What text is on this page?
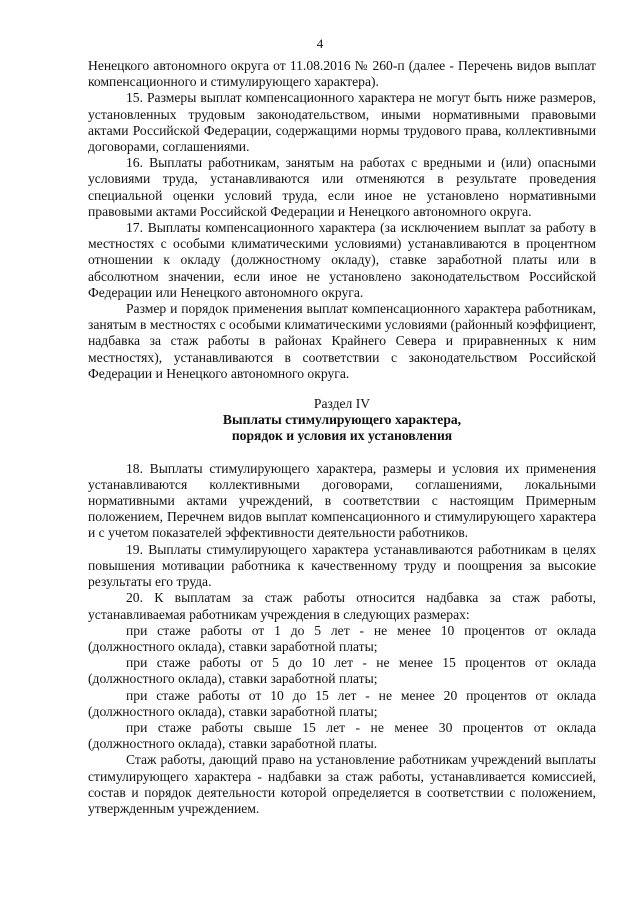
4

Ненецкого автономного округа от 11.08.2016 № 260-п (далее - Перечень видов выплат компенсационного и стимулирующего характера).

15. Размеры выплат компенсационного характера не могут быть ниже размеров, установленных трудовым законодательством, иными нормативными правовыми актами Российской Федерации, содержащими нормы трудового права, коллективными договорами, соглашениями.

16. Выплаты работникам, занятым на работах с вредными и (или) опасными условиями труда, устанавливаются или отменяются в результате проведения специальной оценки условий труда, если иное не установлено нормативными правовыми актами Российской Федерации и Ненецкого автономного округа.

17. Выплаты компенсационного характера (за исключением выплат за работу в местностях с особыми климатическими условиями) устанавливаются в процентном отношении к окладу (должностному окладу), ставке заработной платы или в абсолютном значении, если иное не установлено законодательством Российской Федерации или Ненецкого автономного округа.

Размер и порядок применения выплат компенсационного характера работникам, занятым в местностях с особыми климатическими условиями (районный коэффициент, надбавка за стаж работы в районах Крайнего Севера и приравненных к ним местностях), устанавливаются в соответствии с законодательством Российской Федерации и Ненецкого автономного округа.

Раздел IV
Выплаты стимулирующего характера,
порядок и условия их установления

18. Выплаты стимулирующего характера, размеры и условия их применения устанавливаются коллективными договорами, соглашениями, локальными нормативными актами учреждений, в соответствии с настоящим Примерным положением, Перечнем видов выплат компенсационного и стимулирующего характера и с учетом показателей эффективности деятельности работников.

19. Выплаты стимулирующего характера устанавливаются работникам в целях повышения мотивации работника к качественному труду и поощрения за высокие результаты его труда.

20. К выплатам за стаж работы относится надбавка за стаж работы, устанавливаемая работникам учреждения в следующих размерах:

при стаже работы от 1 до 5 лет - не менее 10 процентов от оклада (должностного оклада), ставки заработной платы;

при стаже работы от 5 до 10 лет - не менее 15 процентов от оклада (должностного оклада), ставки заработной платы;

при стаже работы от 10 до 15 лет - не менее 20 процентов от оклада (должностного оклада), ставки заработной платы;

при стаже работы свыше 15 лет - не менее 30 процентов от оклада (должностного оклада), ставки заработной платы.

Стаж работы, дающий право на установление работникам учреждений выплаты стимулирующего характера - надбавки за стаж работы, устанавливается комиссией, состав и порядок деятельности которой определяется в соответствии с положением, утвержденным учреждением.
